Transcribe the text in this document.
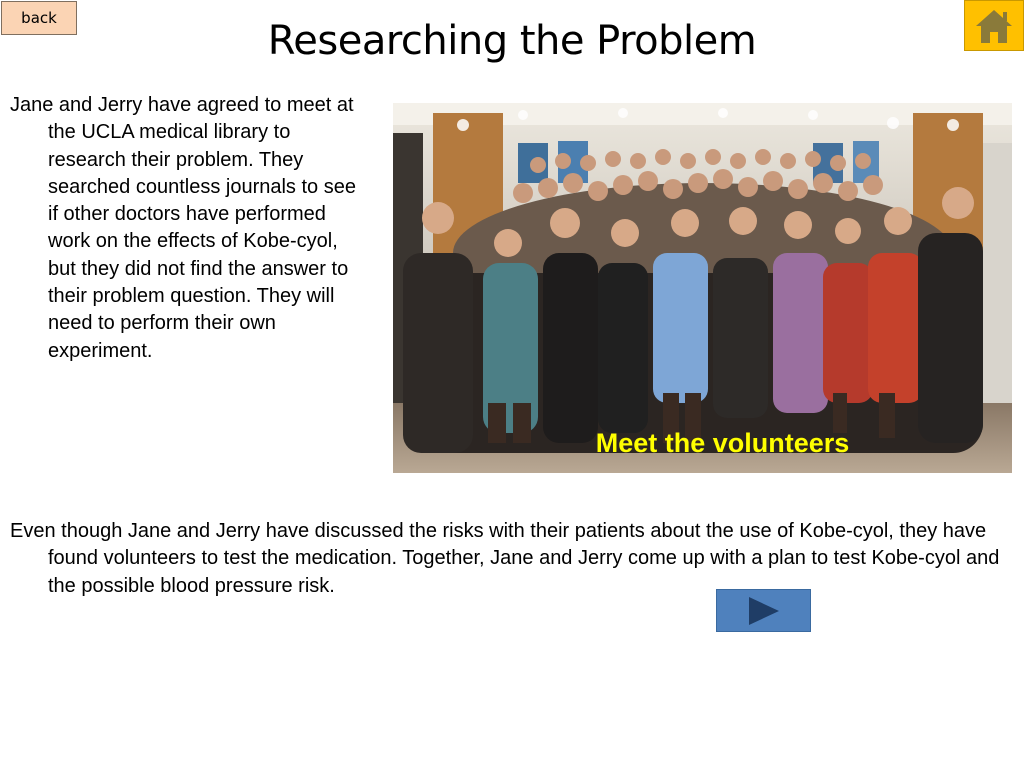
back	Researching the Problem

Jane and Jerry have agreed to meet at the UCLA medical library to research their problem. They searched countless journals to see if other doctors have performed work on the effects of Kobe-cyol, but they did not find the answer to their problem question. They will need to perform their own experiment.

Meet the volunteers

Even though Jane and Jerry have discussed the risks with their patients about the use of Kobe-cyol, they have found volunteers to test the medication. Together, Jane and Jerry come up with a plan to test Kobe-cyol and the possible blood pressure risk.
